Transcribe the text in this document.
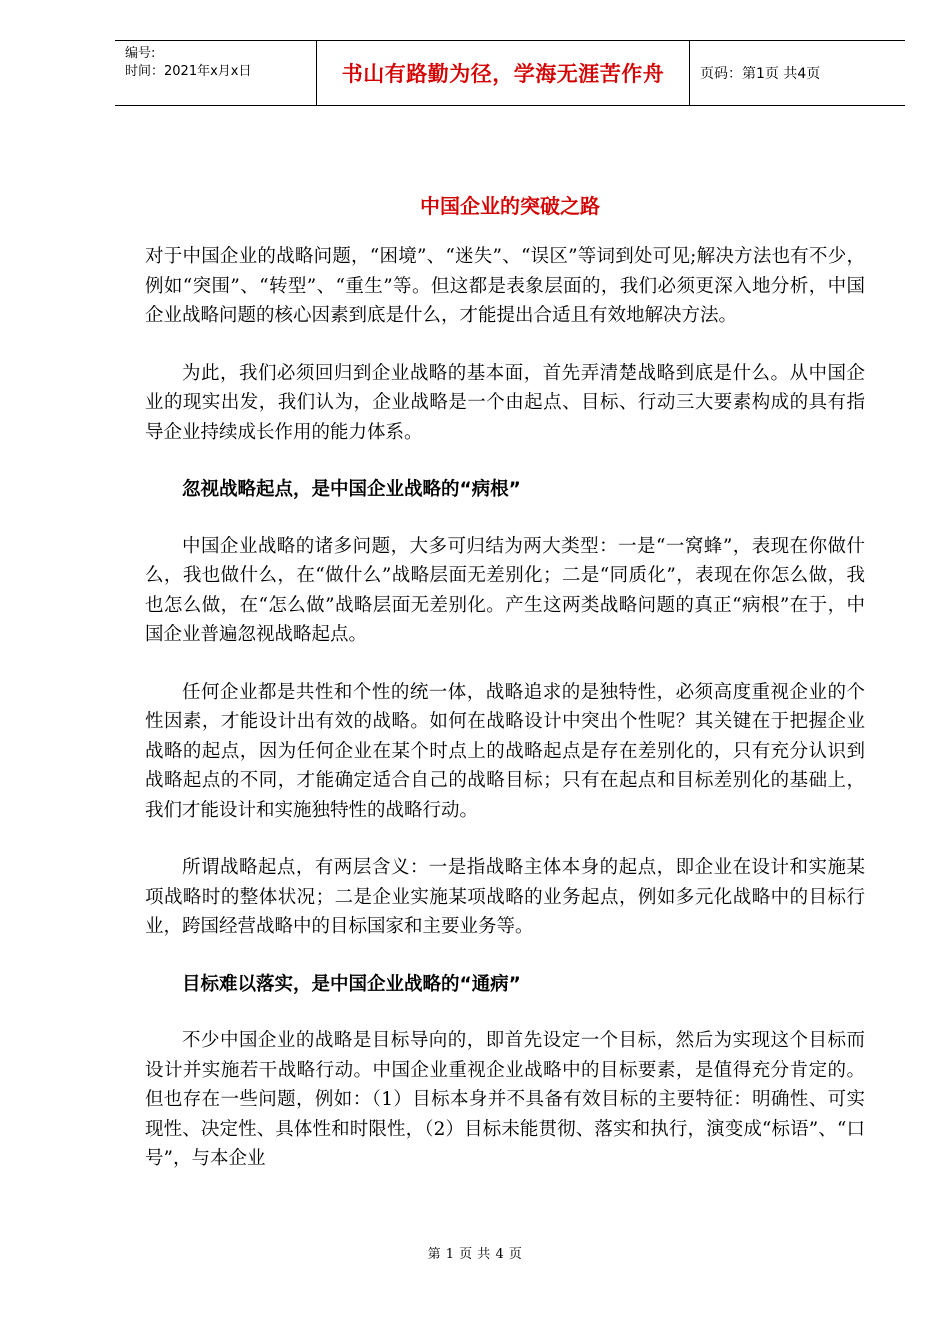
编号:
时间：2021年x月x日	书山有路勤为径，学海无涯苦作舟	页码：第1页 共4页
中国企业的突破之路

对于中国企业的战略问题，“困境”、“迷失”、“误区”等词到处可见;解决方法也有不少，例如“突围”、“转型”、“重生”等。但这都是表象层面的，我们必须更深入地分析，中国企业战略问题的核心因素到底是什么，才能提出合适且有效地解决方法。

为此，我们必须回归到企业战略的基本面，首先弄清楚战略到底是什么。从中国企业的现实出发，我们认为，企业战略是一个由起点、目标、行动三大要素构成的具有指导企业持续成长作用的能力体系。

忽视战略起点，是中国企业战略的“病根”

中国企业战略的诸多问题，大多可归结为两大类型：一是“一窝蜂”，表现在你做什么，我也做什么，在“做什么”战略层面无差别化；二是“同质化”，表现在你怎么做，我也怎么做，在“怎么做”战略层面无差别化。产生这两类战略问题的真正“病根”在于，中国企业普遍忽视战略起点。

任何企业都是共性和个性的统一体，战略追求的是独特性，必须高度重视企业的个性因素，才能设计出有效的战略。如何在战略设计中突出个性呢？其关键在于把握企业战略的起点，因为任何企业在某个时点上的战略起点是存在差别化的，只有充分认识到战略起点的不同，才能确定适合自己的战略目标；只有在起点和目标差别化的基础上，我们才能设计和实施独特性的战略行动。

所谓战略起点，有两层含义：一是指战略主体本身的起点，即企业在设计和实施某项战略时的整体状况；二是企业实施某项战略的业务起点，例如多元化战略中的目标行业，跨国经营战略中的目标国家和主要业务等。

目标难以落实，是中国企业战略的“通病”

不少中国企业的战略是目标导向的，即首先设定一个目标，然后为实现这个目标而设计并实施若干战略行动。中国企业重视企业战略中的目标要素，是值得充分肯定的。但也存在一些问题，例如：（1）目标本身并不具备有效目标的主要特征：明确性、可实现性、决定性、具体性和时限性，（2）目标未能贯彻、落实和执行，演变成“标语”、“口号”，与本企业

第 1 页 共 4 页
